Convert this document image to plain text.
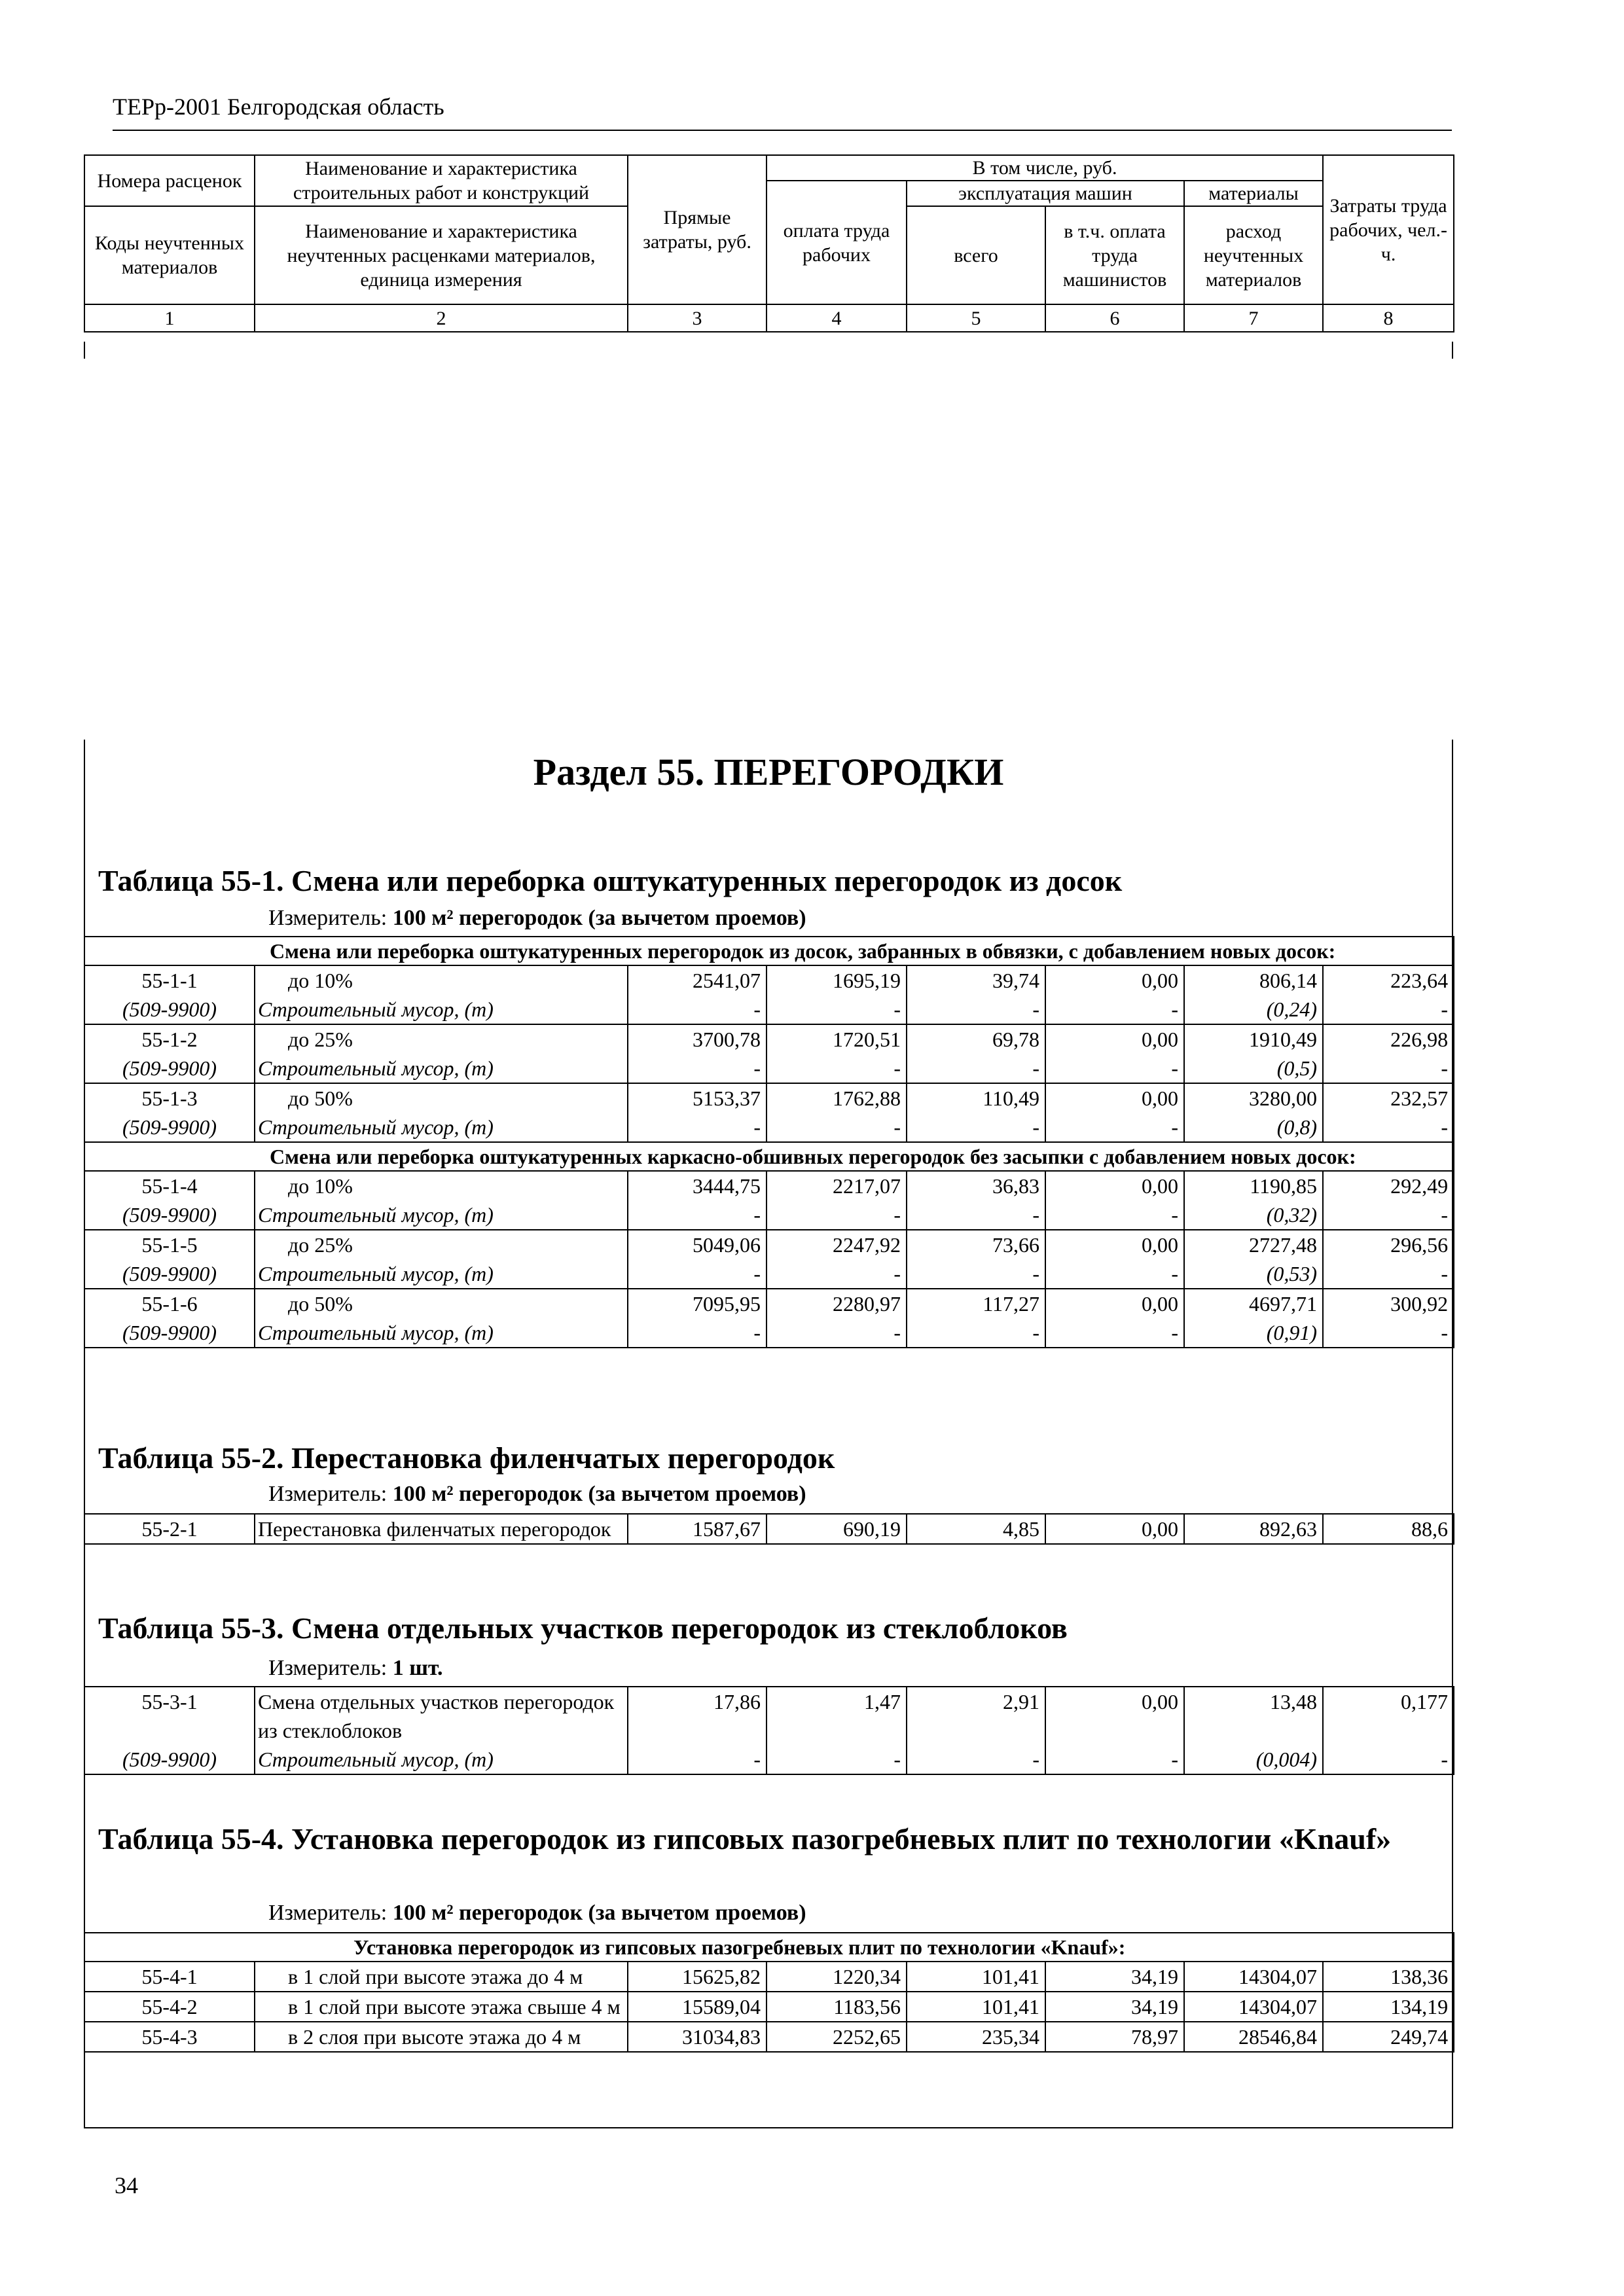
ТЕРр-2001 Белгородская область
Номера расценок	Наименование и характеристика строительных работ и конструкций	Прямые затраты, руб.	В том числе, руб.				Затраты труда рабочих, чел.-ч.
			оплата труда рабочих	эксплуатация машин		материалы	
Коды неучтенных материалов	Наименование и характеристика неучтенных расценками материалов, единица измерения			всего	в т.ч. оплата труда машинистов	расход неучтенных материалов	

1	2	3	4	5	6	7	8
Раздел 55. ПЕРЕГОРОДКИ
Таблица 55-1. Смена или переборка оштукатуренных перегородок из досок
Измеритель: 100 м² перегородок (за вычетом проемов)
Смена или переборка оштукатуренных перегородок из досок, забранных в обвязки, с добавлением новых досок:							
55-1-1	до 10%	2541,07	1695,19	39,74	0,00	806,14	223,64
(509-9900)	Строительный мусор, (т)	-	-	-	-	(0,24)	-
55-1-2	до 25%	3700,78	1720,51	69,78	0,00	1910,49	226,98
(509-9900)	Строительный мусор, (т)	-	-	-	-	(0,5)	-
55-1-3	до 50%	5153,37	1762,88	110,49	0,00	3280,00	232,57
(509-9900)	Строительный мусор, (т)	-	-	-	-	(0,8)	-
Смена или переборка оштукатуренных каркасно-обшивных перегородок без засыпки с добавлением новых досок:							
55-1-4	до 10%	3444,75	2217,07	36,83	0,00	1190,85	292,49
(509-9900)	Строительный мусор, (т)	-	-	-	-	(0,32)	-
55-1-5	до 25%	5049,06	2247,92	73,66	0,00	2727,48	296,56
(509-9900)	Строительный мусор, (т)	-	-	-	-	(0,53)	-
55-1-6	до 50%	7095,95	2280,97	117,27	0,00	4697,71	300,92
(509-9900)	Строительный мусор, (т)	-	-	-	-	(0,91)	-
Таблица 55-2. Перестановка филенчатых перегородок
Измеритель: 100 м² перегородок (за вычетом проемов)
55-2-1	Перестановка филенчатых перегородок	1587,67	690,19	4,85	0,00	892,63	88,6
Таблица 55-3. Смена отдельных участков перегородок из стеклоблоков
Измеритель: 1 шт.
55-3-1	Смена отдельных участков перегородок из стеклоблоков	17,86	1,47	2,91	0,00	13,48	0,177
(509-9900)	Строительный мусор, (т)	-	-	-	-	(0,004)	-
Таблица 55-4. Установка перегородок из гипсовых пазогребневых плит по технологии «Knauf»
Измеритель: 100 м² перегородок (за вычетом проемов)
Установка перегородок из гипсовых пазогребневых плит по технологии «Knauf»:							
55-4-1	в 1 слой при высоте этажа до 4 м	15625,82	1220,34	101,41	34,19	14304,07	138,36
55-4-2	в 1 слой при высоте этажа свыше 4 м	15589,04	1183,56	101,41	34,19	14304,07	134,19
55-4-3	в 2 слоя при высоте этажа до 4 м	31034,83	2252,65	235,34	78,97	28546,84	249,74
34
